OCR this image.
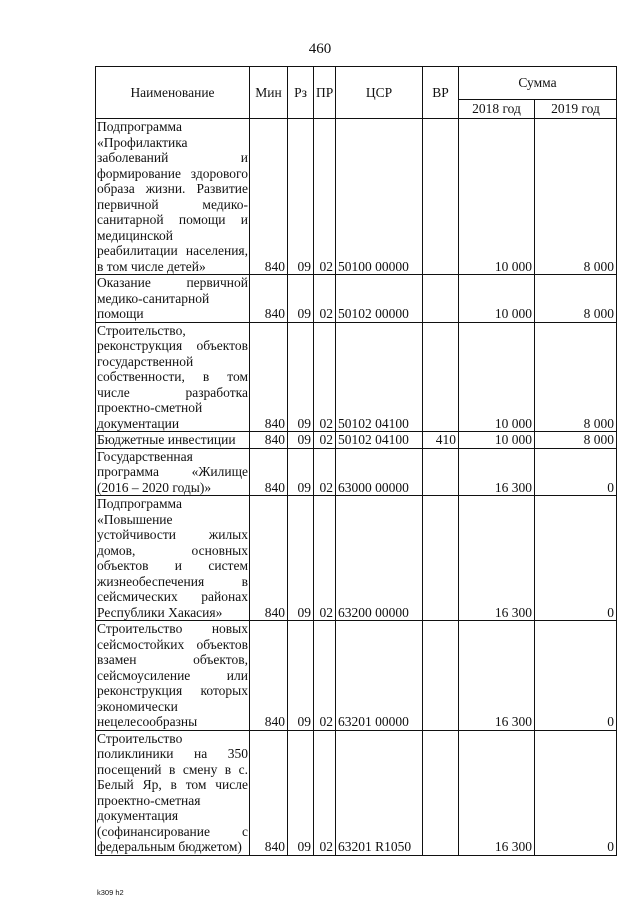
460
Наименование	Мин	Рз	ПР	ЦСР	ВР	Сумма	
						2018 год	2019 год
Подпрограмма «Профилактика заболеваний и формирование здорового образа жизни. Развитие первичной медико-санитарной помощи и медицинской реабилитации населения, в том числе детей»	840	09	02	50100 00000		10 000	8 000
Оказание первичной медико-санитарной помощи	840	09	02	50102 00000		10 000	8 000
Строительство, реконструкция объектов государственной собственности, в том числе разработка проектно-сметной документации	840	09	02	50102 04100		10 000	8 000
Бюджетные инвестиции	840	09	02	50102 04100	410	10 000	8 000
Государственная программа «Жилище (2016 – 2020 годы)»	840	09	02	63000 00000		16 300	0
Подпрограмма «Повышение устойчивости жилых домов, основных объектов и систем жизнеобеспечения в сейсмических районах Республики Хакасия»	840	09	02	63200 00000		16 300	0
Строительство новых сейсмостойких объектов взамен объектов, сейсмоусиление или реконструкция которых экономически нецелесообразны	840	09	02	63201 00000		16 300	0
Строительство поликлиники на 350 посещений в смену в с. Белый Яр, в том числе проектно-сметная документация (софинансирование с федеральным бюджетом)	840	09	02	63201 R1050		16 300	0
k309 h2
